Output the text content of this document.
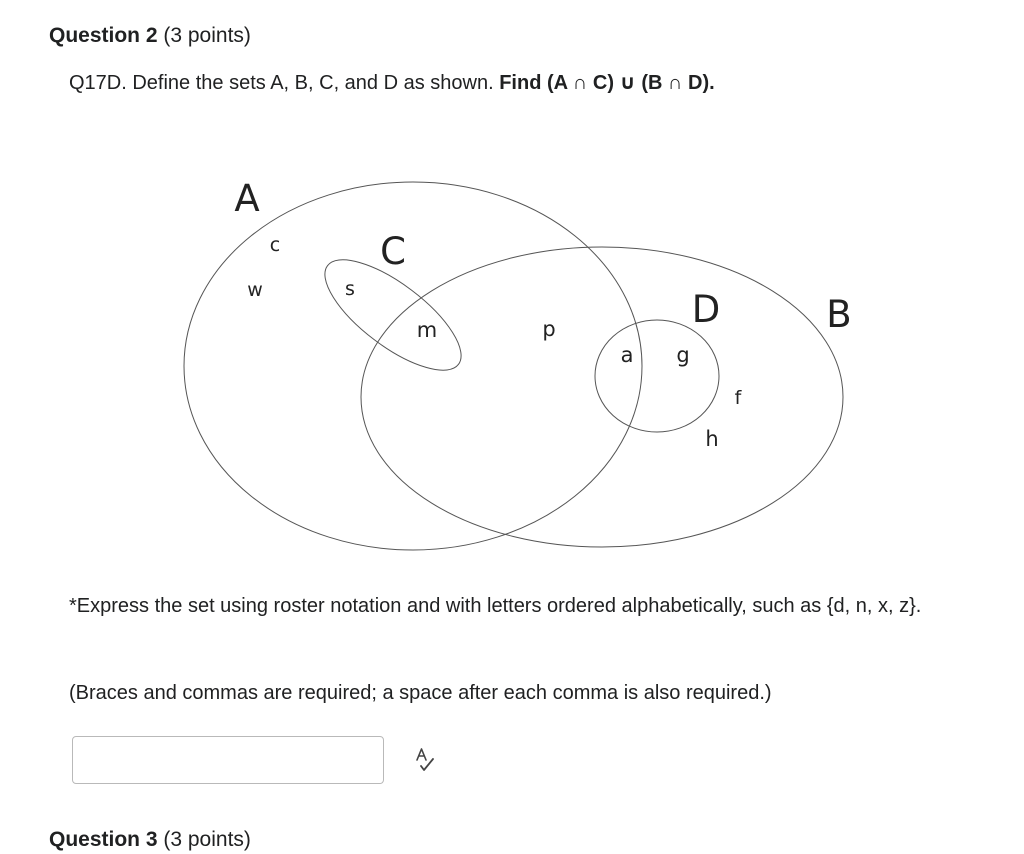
Question 2 (3 points)
Q17D. Define the sets A, B, C, and D as shown. Find (A ∩ C) ∪ (B ∩ D).
A
C
D	B
c
w	s
m	p
a g
f
h
*Express the set using roster notation and with letters ordered alphabetically, such as {d, n, x, z}.
(Braces and commas are required; a space after each comma is also required.)
Question 3 (3 points)
